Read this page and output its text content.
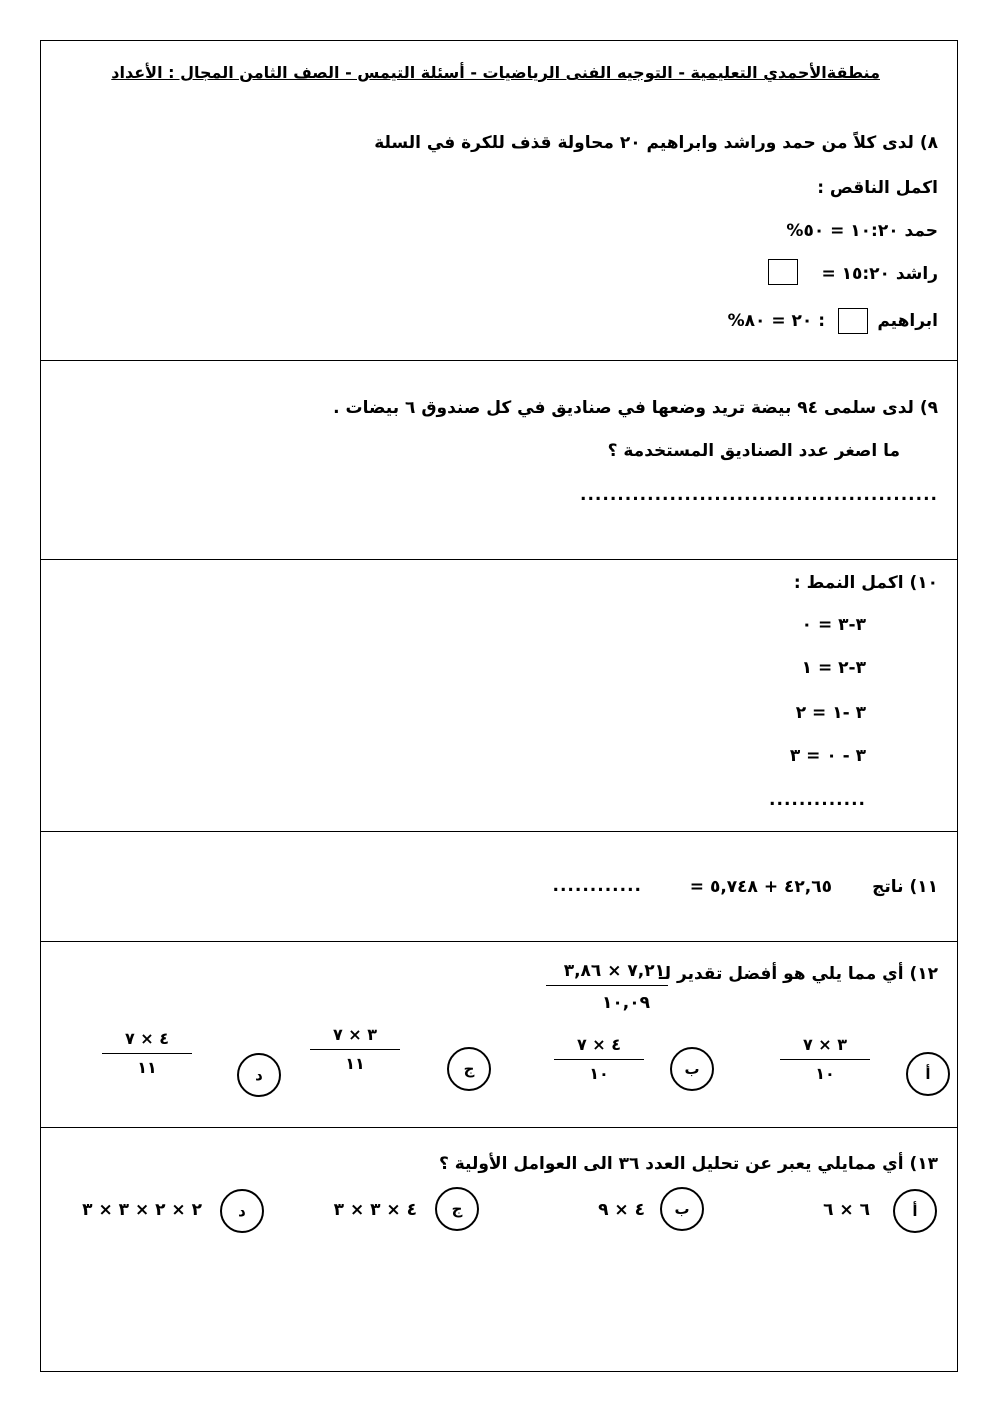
منطقةالأحمدي التعليمية - التوجيه الفنى الرياضيات - أسئلة التيمس - الصف الثامن المجال : الأعداد
٨) لدى كلاً من حمد وراشد وابراهيم ٢٠ محاولة قذف للكرة في السلة
اكمل الناقص :
حمد ١٠:٢٠ = ٥٠%
راشد ١٥:٢٠ =
ابراهيم
: ٢٠ = ٨٠%
٩) لدى سلمى ٩٤ بيضة تريد وضعها في صناديق في كل صندوق ٦ بيضات .
ما اصغر عدد الصناديق المستخدمة ؟
................................................
١٠) اكمل النمط :
٣-٣ = ٠
٣-٢ = ١
٣ -١ = ٢
٣ - ٠ = ٣
.............
١١) ناتج
٤٢,٦٥ + ٥,٧٤٨ =
............
١٢) أي مما يلي هو أفضل تقدير لـ
٧,٢١ × ٣,٨٦
١٠,٠٩
أ
٣ × ٧
١٠
ب
٤ × ٧
١٠
ج
٣ × ٧
١١
د
٤ × ٧
١١
١٣) أي ممايلي يعبر عن تحليل العدد ٣٦ الى العوامل الأولية ؟
أ
٦ × ٦
ب
٤ × ٩
ج
٤ × ٣ × ٣
د
٢ × ٢ × ٣ × ٣
